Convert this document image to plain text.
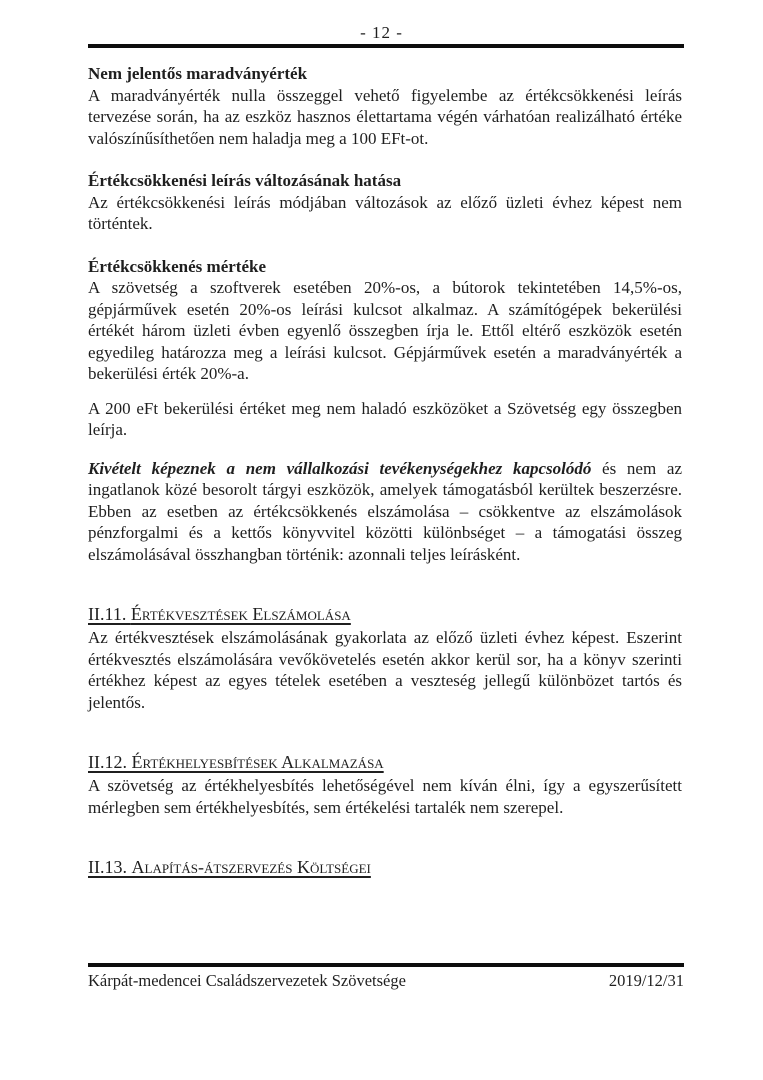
- 12 -

Nem jelentős maradványérték

A maradványérték nulla összeggel vehető figyelembe az értékcsökkenési leírás tervezése során, ha az eszköz hasznos élettartama végén várhatóan realizálható értéke valószínűsíthetően nem haladja meg a 100 EFt-ot.

Értékcsökkenési leírás változásának hatása

Az értékcsökkenési leírás módjában változások az előző üzleti évhez képest nem történtek.

Értékcsökkenés mértéke

A szövetség a szoftverek esetében 20%-os, a bútorok tekintetében 14,5%-os, gépjárművek esetén 20%-os leírási kulcsot alkalmaz. A számítógépek bekerülési értékét három üzleti évben egyenlő összegben írja le. Ettől eltérő eszközök esetén egyedileg határozza meg a leírási kulcsot. Gépjárművek esetén a maradványérték a bekerülési érték 20%-a.

A 200 eFt bekerülési értéket meg nem haladó eszközöket a Szövetség egy összegben leírja.

Kivételt képeznek a nem vállalkozási tevékenységekhez kapcsolódó és nem az ingatlanok közé besorolt tárgyi eszközök, amelyek támogatásból kerültek beszerzésre. Ebben az esetben az értékcsökkenés elszámolása – csökkentve az elszámolások pénzforgalmi és a kettős könyvvitel közötti különbséget – a támogatási összeg elszámolásával összhangban történik: azonnali teljes leírásként.

II.11. Értékvesztések Elszámolása

Az értékvesztések elszámolásának gyakorlata az előző üzleti évhez képest. Eszerint értékvesztés elszámolására vevőkövetelés esetén akkor kerül sor, ha a könyv szerinti értékhez képest az egyes tételek esetében a veszteség jellegű különbözet tartós és jelentős.

II.12. Értékhelyesbítések Alkalmazása

A szövetség az értékhelyesbítés lehetőségével nem kíván élni, így a egyszerűsített mérlegben sem értékhelyesbítés, sem értékelési tartalék nem szerepel.

II.13. Alapítás-átszervezés Költségei
Kárpát-medencei Családszervezetek Szövetsége	2019/12/31
